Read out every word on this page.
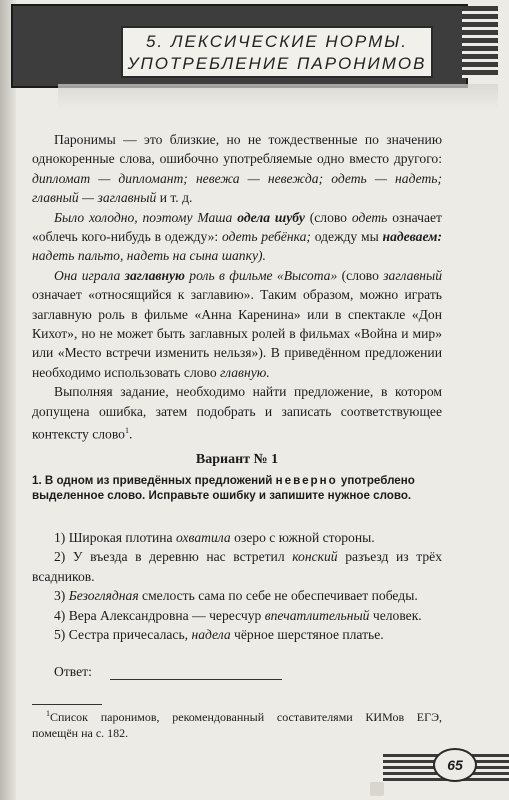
5. ЛЕКСИЧЕСКИЕ НОРМЫ.
УПОТРЕБЛЕНИЕ ПАРОНИМОВ

Паронимы — это близкие, но не тождественные по значению однокоренные слова, ошибочно употребляемые одно вместо другого: дипломат — дипломант; невежа — невежда; одеть — надеть; главный — заглавный и т. д.

Было холодно, поэтому Маша одела шубу (слово одеть означает «облечь кого-нибудь в одежду»: одеть ребёнка; одежду мы надеваем: надеть пальто, надеть на сына шапку).

Она играла заглавную роль в фильме «Высота» (слово заглавный означает «относящийся к заглавию». Таким образом, можно играть заглавную роль в фильме «Анна Каренина» или в спектакле «Дон Кихот», но не может быть заглавных ролей в фильмах «Война и мир» или «Место встречи изменить нельзя»). В приведённом предложении необходимо использовать слово главную.

Выполняя задание, необходимо найти предложение, в котором допущена ошибка, затем подобрать и записать соответствующее контексту слово$^1$.

Вариант № 1
1. В одном из приведённых предложений неверно употреблено выделенное слово. Исправьте ошибку и запишите нужное слово.

1) Широкая плотина охватила озеро с южной стороны.

2) У въезда в деревню нас встретил конский разъезд из трёх всадников.

3) Безоглядная смелость сама по себе не обеспечивает победы.

4) Вера Александровна — чересчур впечатлительный человек.

5) Сестра причесалась, надела чёрное шерстяное платье.

Ответ:

$^1$Список паронимов, рекомендованный составителями КИМов ЕГЭ, помещён на с. 182.

65
